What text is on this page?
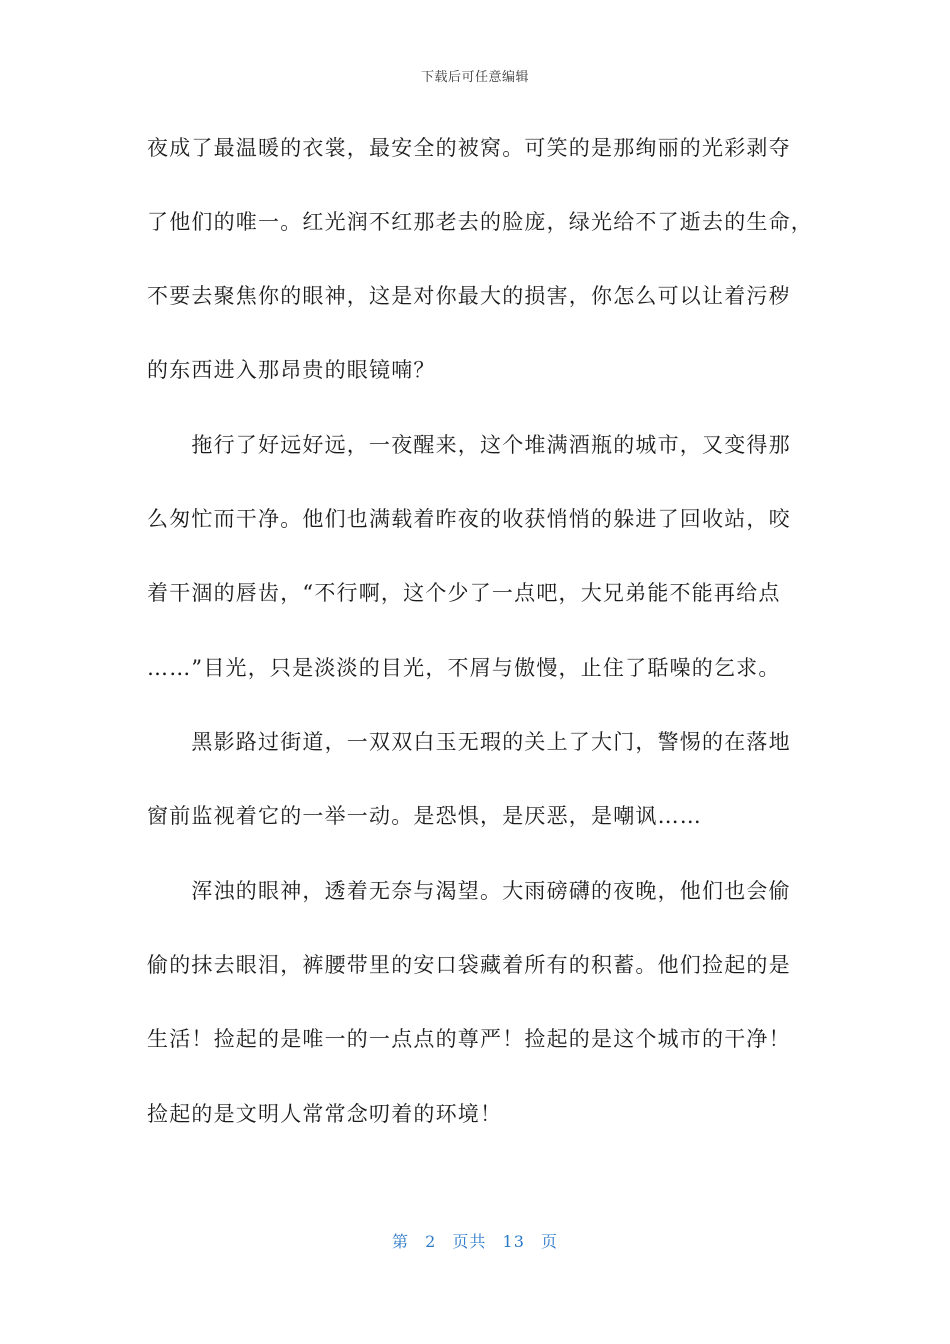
下载后可任意编辑
夜成了最温暖的衣裳，最安全的被窝。可笑的是那绚丽的光彩剥夺
了他们的唯一。红光润不红那老去的脸庞，绿光给不了逝去的生命，
不要去聚焦你的眼神，这是对你最大的损害，你怎么可以让着污秽
的东西进入那昂贵的眼镜喃？
　　拖行了好远好远，一夜醒来，这个堆满酒瓶的城市，又变得那
么匆忙而干净。他们也满载着昨夜的收获悄悄的躲进了回收站，咬
着干涸的唇齿，“不行啊，这个少了一点吧，大兄弟能不能再给点
……”目光，只是淡淡的目光，不屑与傲慢，止住了聒噪的乞求。
　　黑影路过街道，一双双白玉无瑕的关上了大门，警惕的在落地
窗前监视着它的一举一动。是恐惧，是厌恶，是嘲讽……
　　浑浊的眼神，透着无奈与渴望。大雨磅礴的夜晚，他们也会偷
偷的抹去眼泪，裤腰带里的安口袋藏着所有的积蓄。他们捡起的是
生活！捡起的是唯一的一点点的尊严！捡起的是这个城市的干净！
捡起的是文明人常常念叨着的环境！
第 2 页共 13 页
